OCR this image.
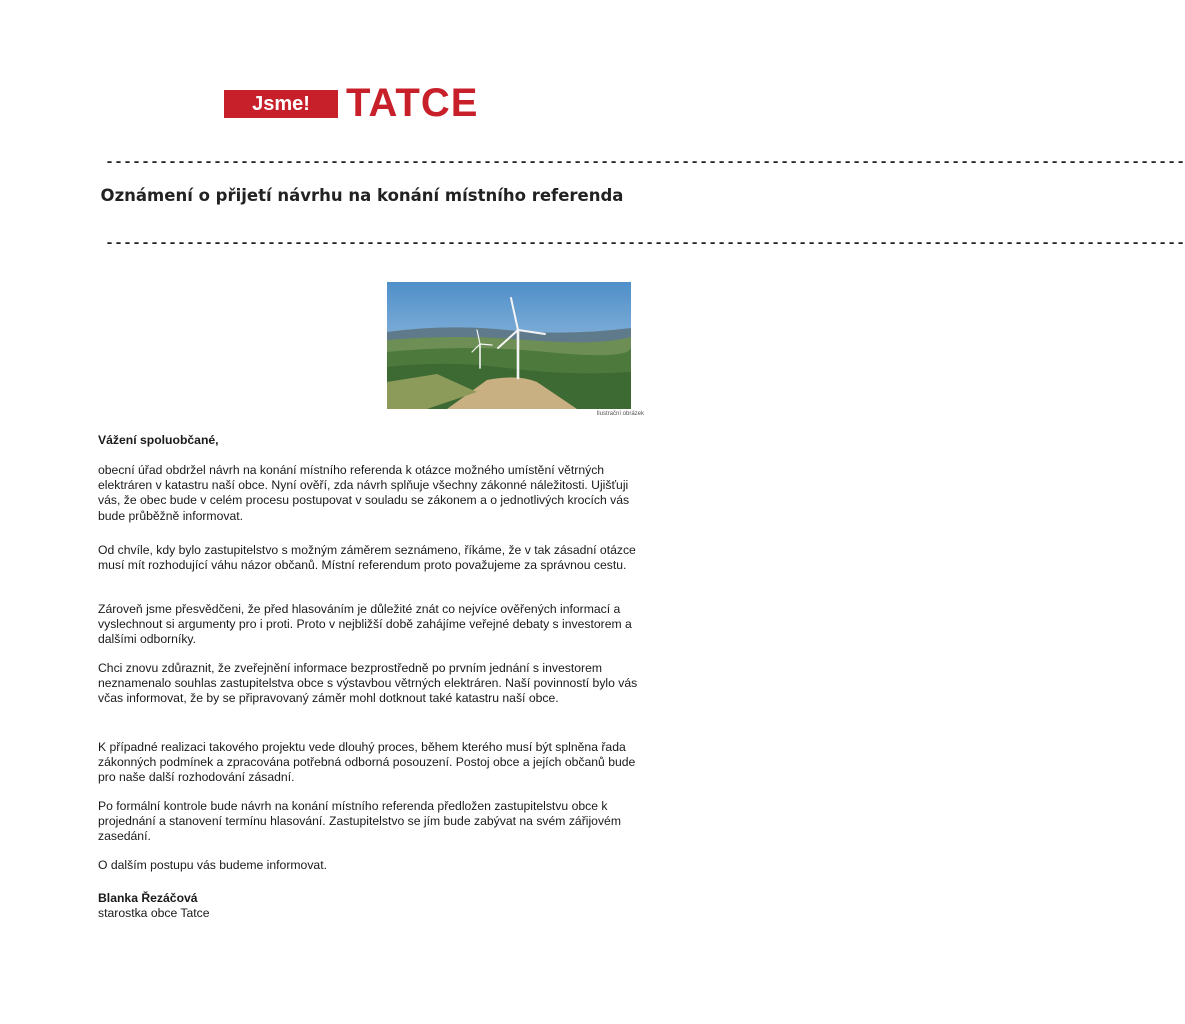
Jsme! TATCE
------------------------------------------------------------------------------------------------------------------------
Oznámení o přijetí návrhu na konání místního referenda
------------------------------------------------------------------------------------------------------------------------
Ilustrační obrázek
Vážení spoluobčané,
obecní úřad obdržel návrh na konání místního referenda k otázce možného umístění větrných elektráren v katastru naší obce. Nyní ověří, zda návrh splňuje všechny zákonné náležitosti. Ujišťuji vás, že obec bude v celém procesu postupovat v souladu se zákonem a o jednotlivých krocích vás bude průběžně informovat.
Od chvíle, kdy bylo zastupitelstvo s možným záměrem seznámeno, říkáme, že v tak zásadní otázce musí mít rozhodující váhu názor občanů. Místní referendum proto považujeme za správnou cestu.
Zároveň jsme přesvědčeni, že před hlasováním je důležité znát co nejvíce ověřených informací a vyslechnout si argumenty pro i proti. Proto v nejbližší době zahájíme veřejné debaty s investorem a dalšími odborníky.
Chci znovu zdůraznit, že zveřejnění informace bezprostředně po prvním jednání s investorem neznamenalo souhlas zastupitelstva obce s výstavbou větrných elektráren. Naší povinností bylo vás včas informovat, že by se připravovaný záměr mohl dotknout také katastru naší obce.
K případné realizaci takového projektu vede dlouhý proces, během kterého musí být splněna řada zákonných podmínek a zpracována potřebná odborná posouzení. Postoj obce a jejích občanů bude pro naše další rozhodování zásadní.
Po formální kontrole bude návrh na konání místního referenda předložen zastupitelstvu obce k projednání a stanovení termínu hlasování. Zastupitelstvo se jím bude zabývat na svém zářijovém zasedání.
O dalším postupu vás budeme informovat.
Blanka Řezáčová
starostka obce Tatce
